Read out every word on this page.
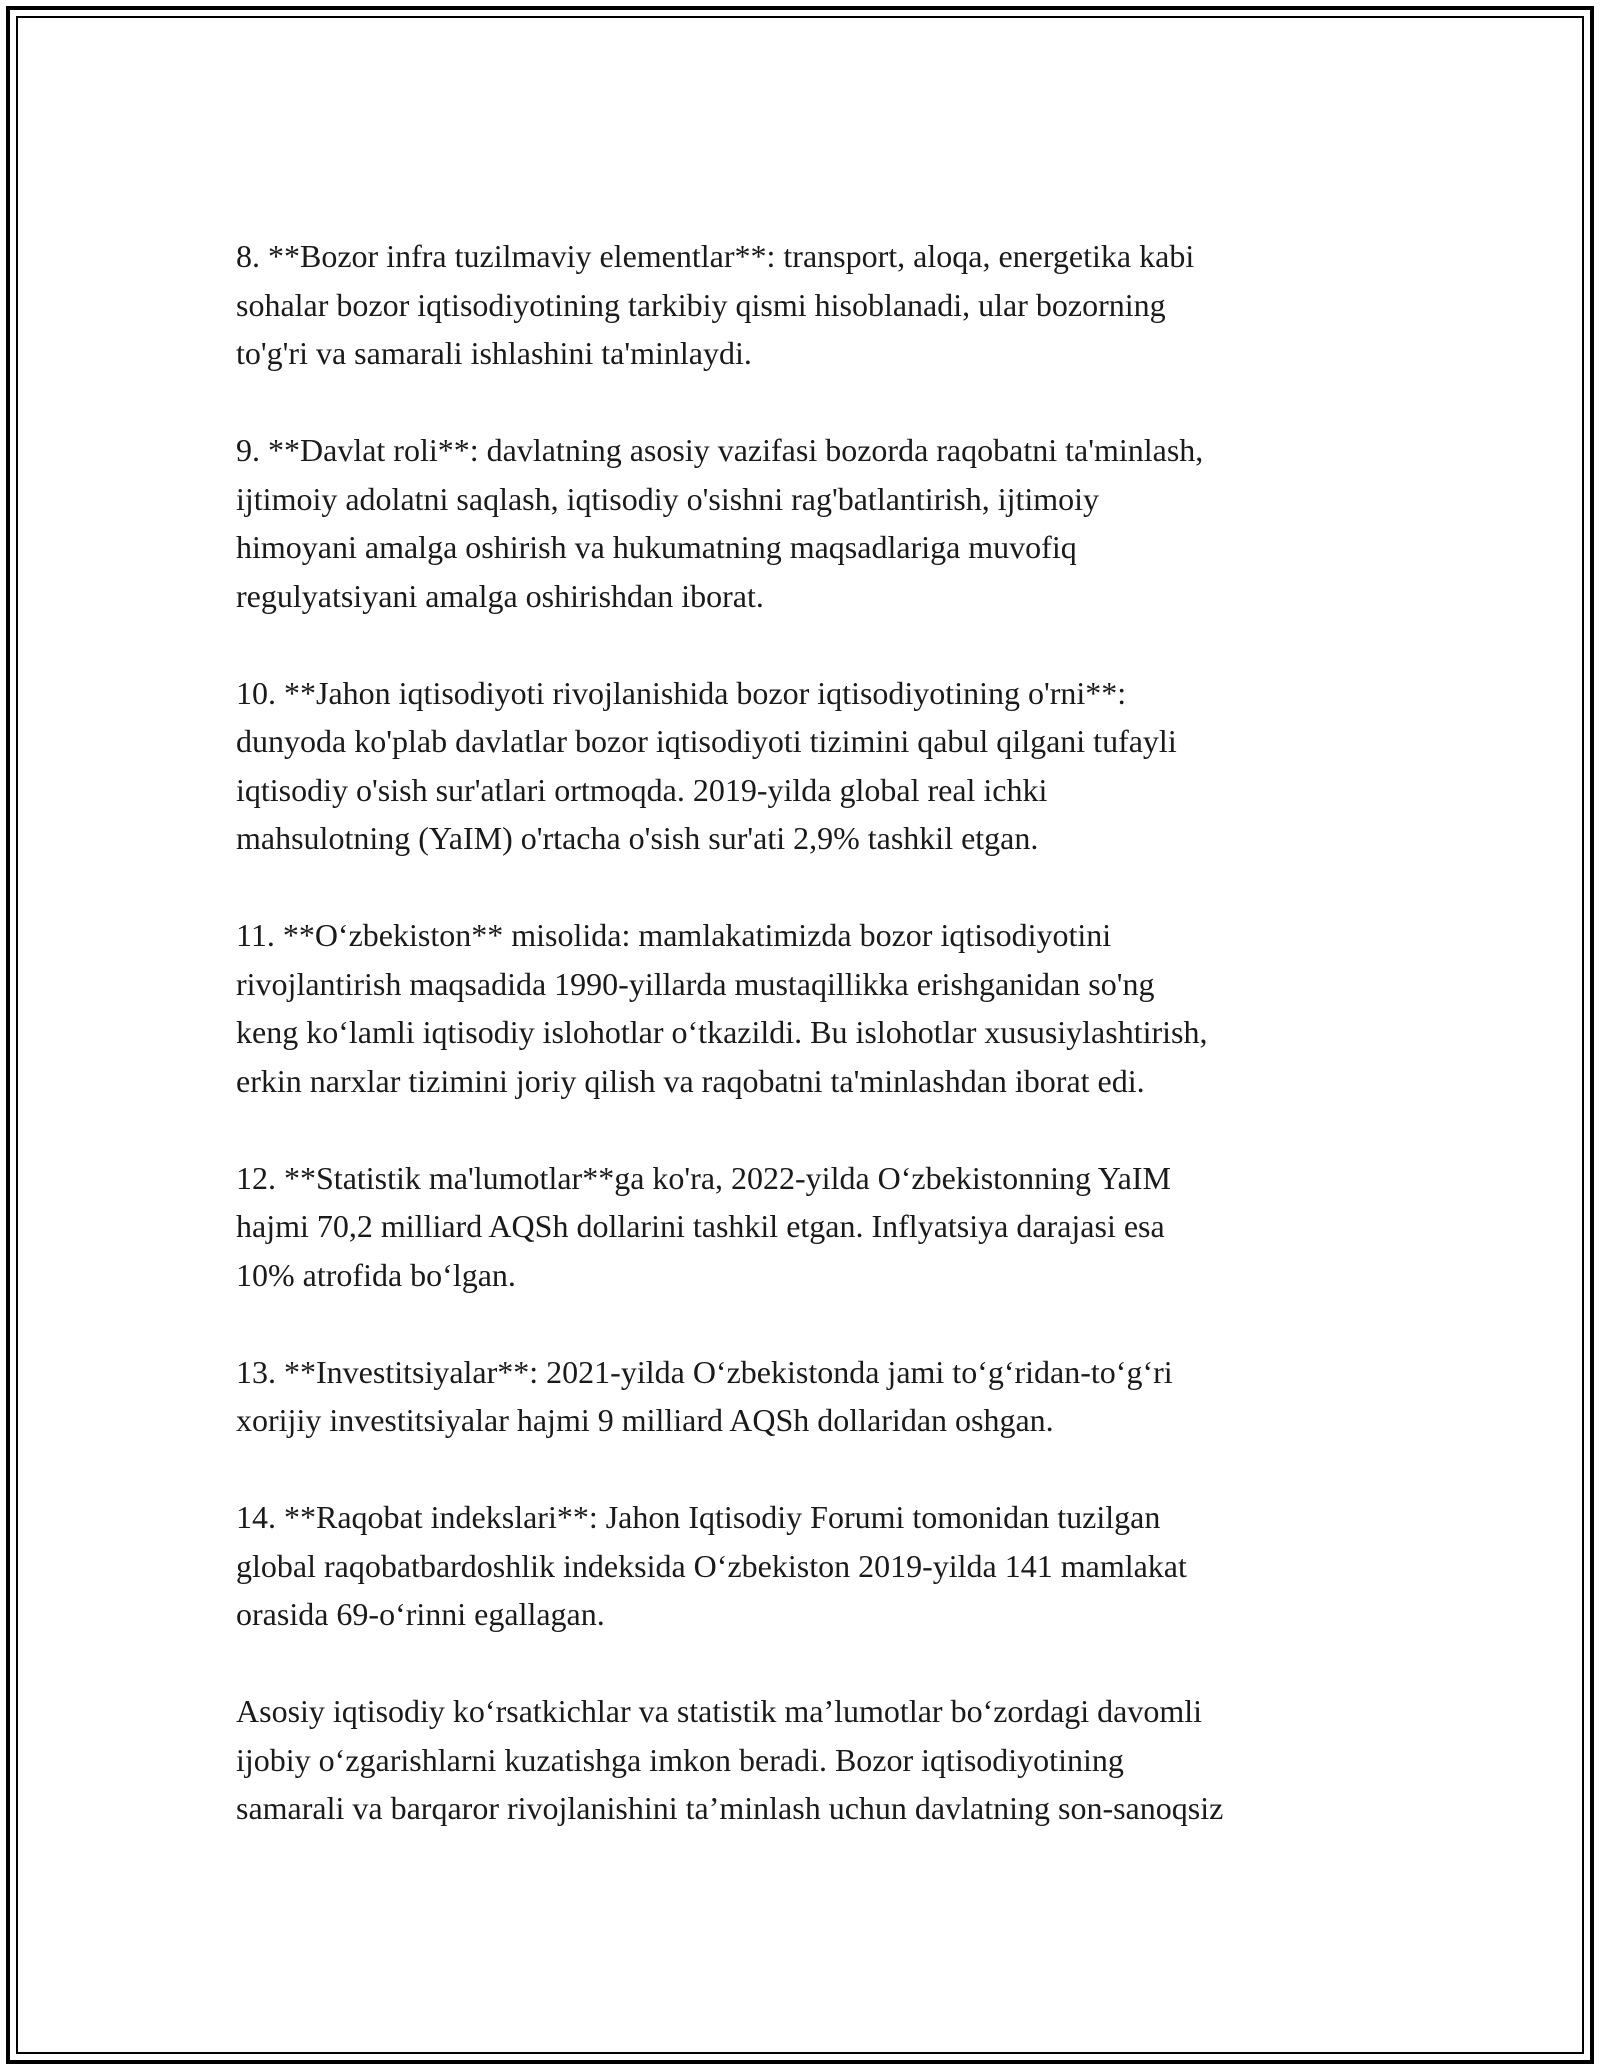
8. **Bozor infra tuzilmaviy elementlar**: transport, aloqa, energetika kabi
sohalar bozor iqtisodiyotining tarkibiy qismi hisoblanadi, ular bozorning
to'g'ri va samarali ishlashini ta'minlaydi.

9. **Davlat roli**: davlatning asosiy vazifasi bozorda raqobatni ta'minlash,
ijtimoiy adolatni saqlash, iqtisodiy o'sishni rag'batlantirish, ijtimoiy
himoyani amalga oshirish va hukumatning maqsadlariga muvofiq
regulyatsiyani amalga oshirishdan iborat.

10. **Jahon iqtisodiyoti rivojlanishida bozor iqtisodiyotining o'rni**:
dunyoda ko'plab davlatlar bozor iqtisodiyoti tizimini qabul qilgani tufayli
iqtisodiy o'sish sur'atlari ortmoqda. 2019-yilda global real ichki
mahsulotning (YaIM) o'rtacha o'sish sur'ati 2,9% tashkil etgan.

11. **O‘zbekiston** misolida: mamlakatimizda bozor iqtisodiyotini
rivojlantirish maqsadida 1990-yillarda mustaqillikka erishganidan so'ng
keng ko‘lamli iqtisodiy islohotlar o‘tkazildi. Bu islohotlar xususiylashtirish,
erkin narxlar tizimini joriy qilish va raqobatni ta'minlashdan iborat edi.

12. **Statistik ma'lumotlar**ga ko'ra, 2022-yilda O‘zbekistonning YaIM
hajmi 70,2 milliard AQSh dollarini tashkil etgan. Inflyatsiya darajasi esa
10% atrofida bo‘lgan.

13. **Investitsiyalar**: 2021-yilda O‘zbekistonda jami to‘g‘ridan-to‘g‘ri
xorijiy investitsiyalar hajmi 9 milliard AQSh dollaridan oshgan.

14. **Raqobat indekslari**: Jahon Iqtisodiy Forumi tomonidan tuzilgan
global raqobatbardoshlik indeksida O‘zbekiston 2019-yilda 141 mamlakat
orasida 69-o‘rinni egallagan.

Asosiy iqtisodiy ko‘rsatkichlar va statistik ma’lumotlar bo‘zordagi davomli
ijobiy o‘zgarishlarni kuzatishga imkon beradi. Bozor iqtisodiyotining
samarali va barqaror rivojlanishini ta’minlash uchun davlatning son-sanoqsiz
